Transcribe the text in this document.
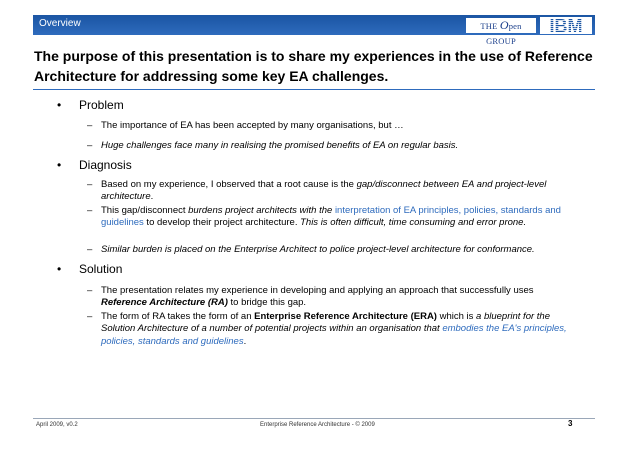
Overview	THE Open GROUP
IBM
The purpose of this presentation is to share my experiences in the use of Reference Architecture for addressing some key EA challenges.
• Problem
– The importance of EA has been accepted by many organisations, but …
– Huge challenges face many in realising the promised benefits of EA on regular basis.
• Diagnosis
– Based on my experience, I observed that a root cause is the gap/disconnect between EA and project-level architecture.
– This gap/disconnect burdens project architects with the interpretation of EA principles, policies, standards and guidelines to develop their project architecture. This is often difficult, time consuming and error prone.
– Similar burden is placed on the Enterprise Architect to police project-level architecture for conformance.
• Solution
– The presentation relates my experience in developing and applying an approach that successfully uses Reference Architecture (RA) to bridge this gap.
– The form of RA takes the form of an Enterprise Reference Architecture (ERA) which is a blueprint for the Solution Architecture of a number of potential projects within an organisation that embodies the EA's principles, policies, standards and guidelines.
April 2009, v0.2	Enterprise Reference Architecture - © 2009	3
